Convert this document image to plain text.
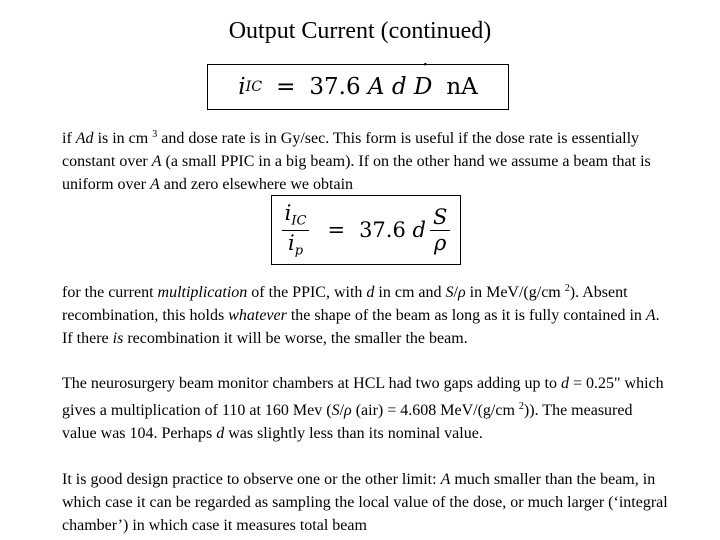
Output Current (continued)
i IC = 37.6
A
d

˙ D nA
if Ad is in cm $^3$ and dose rate is in Gy/sec. This form is useful if the dose rate is essentially constant over A (a small PPIC in a big beam). If on the other hand we assume a beam that is uniform over A and zero elsewhere we obtain
$\frac{i_{IC}}{i_p} = 37.6$
d $\frac{S}{\rho}$
for the current multiplication of the PPIC, with d in cm and S/ρ in MeV/(g/cm $^2$). Absent recombination, this holds whatever the shape of the beam as long as it is fully contained in A. If there is recombination it will be worse, the smaller the beam.
The neurosurgery beam monitor chambers at HCL had two gaps adding up to d = 0.25" which gives a multiplication of 110 at 160 Mev (S/ρ (air) = 4.608 MeV/(g/cm $^2$)). The measured value was 104. Perhaps d was slightly less than its nominal value.
It is good design practice to observe one or the other limit: A much smaller than the beam, in which case it can be regarded as sampling the local value of the dose, or much larger (‘integral chamber’) in which case it measures total beam
